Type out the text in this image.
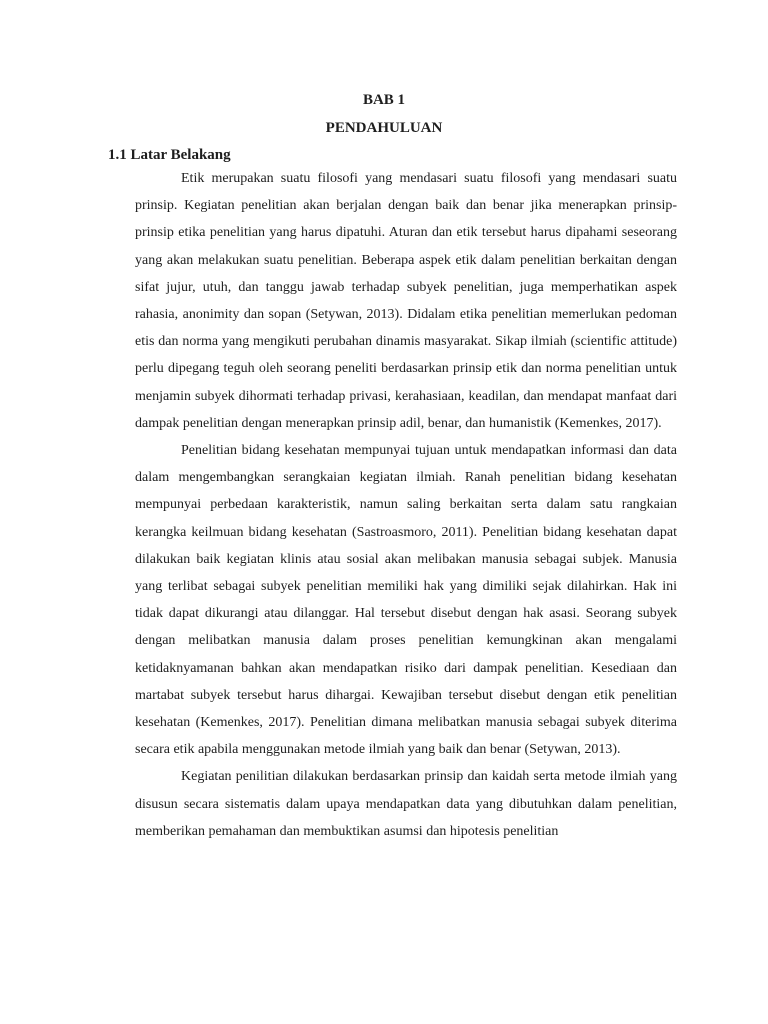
BAB 1
PENDAHULUAN
1.1 Latar Belakang

Etik merupakan suatu filosofi yang mendasari suatu filosofi yang mendasari suatu prinsip. Kegiatan penelitian akan berjalan dengan baik dan benar jika menerapkan prinsip-prinsip etika penelitian yang harus dipatuhi. Aturan dan etik tersebut harus dipahami seseorang yang akan melakukan suatu penelitian. Beberapa aspek etik dalam penelitian berkaitan dengan sifat jujur, utuh, dan tanggu jawab terhadap subyek penelitian, juga memperhatikan aspek rahasia, anonimity dan sopan (Setywan, 2013). Didalam etika penelitian memerlukan pedoman etis dan norma yang mengikuti perubahan dinamis masyarakat. Sikap ilmiah (scientific attitude) perlu dipegang teguh oleh seorang peneliti berdasarkan prinsip etik dan norma penelitian untuk menjamin subyek dihormati terhadap privasi, kerahasiaan, keadilan, dan mendapat manfaat dari dampak penelitian dengan menerapkan prinsip adil, benar, dan humanistik (Kemenkes, 2017).

Penelitian bidang kesehatan mempunyai tujuan untuk mendapatkan informasi dan data dalam mengembangkan serangkaian kegiatan ilmiah. Ranah penelitian bidang kesehatan mempunyai perbedaan karakteristik, namun saling berkaitan serta dalam satu rangkaian kerangka keilmuan bidang kesehatan (Sastroasmoro, 2011). Penelitian bidang kesehatan dapat dilakukan baik kegiatan klinis atau sosial akan melibakan manusia sebagai subjek. Manusia yang terlibat sebagai subyek penelitian memiliki hak yang dimiliki sejak dilahirkan. Hak ini tidak dapat dikurangi atau dilanggar. Hal tersebut disebut dengan hak asasi. Seorang subyek dengan melibatkan manusia dalam proses penelitian kemungkinan akan mengalami ketidaknyamanan bahkan akan mendapatkan risiko dari dampak penelitian. Kesediaan dan martabat subyek tersebut harus dihargai. Kewajiban tersebut disebut dengan etik penelitian kesehatan (Kemenkes, 2017). Penelitian dimana melibatkan manusia sebagai subyek diterima secara etik apabila menggunakan metode ilmiah yang baik dan benar (Setywan, 2013).

Kegiatan penilitian dilakukan berdasarkan prinsip dan kaidah serta metode ilmiah yang disusun secara sistematis dalam upaya mendapatkan data yang dibutuhkan dalam penelitian, memberikan pemahaman dan membuktikan asumsi dan hipotesis penelitian
